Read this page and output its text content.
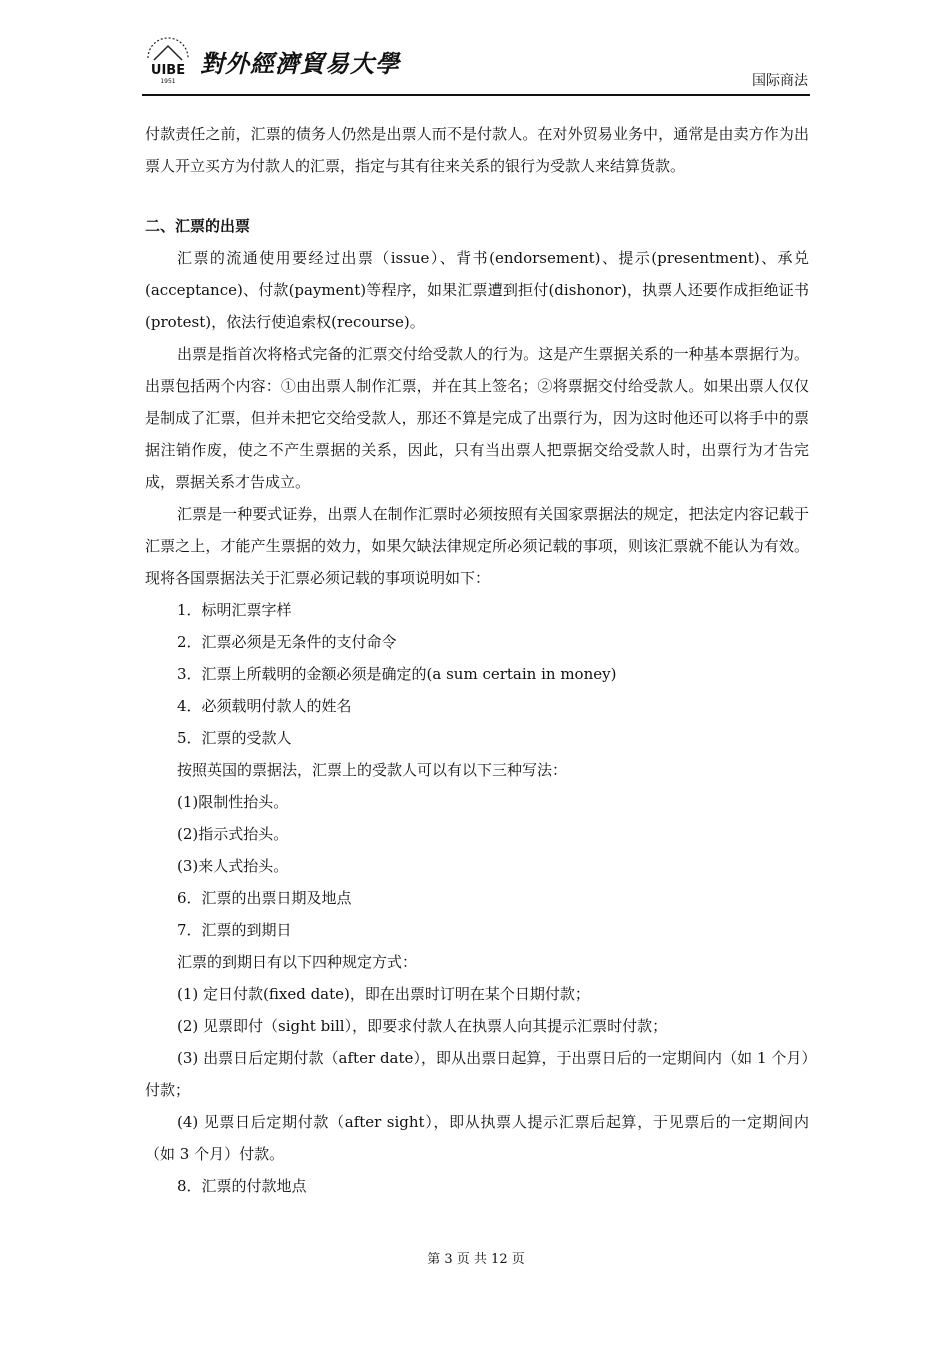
UIBE
1951
對外經濟貿易大學
国际商法

付款责任之前，汇票的债务人仍然是出票人而不是付款人。在对外贸易业务中，通常是由卖方作为出票人开立买方为付款人的汇票，指定与其有往来关系的银行为受款人来结算货款。

二、汇票的出票

汇票的流通使用要经过出票（issue）、背书(endorsement)、提示(presentment)、承兑(acceptance)、付款(payment)等程序，如果汇票遭到拒付(dishonor)，执票人还要作成拒绝证书(protest)，依法行使追索权(recourse)。

出票是指首次将格式完备的汇票交付给受款人的行为。这是产生票据关系的一种基本票据行为。出票包括两个内容：①由出票人制作汇票，并在其上签名；②将票据交付给受款人。如果出票人仅仅是制成了汇票，但并未把它交给受款人，那还不算是完成了出票行为，因为这时他还可以将手中的票据注销作废，使之不产生票据的关系，因此，只有当出票人把票据交给受款人时，出票行为才告完成，票据关系才告成立。

汇票是一种要式证券，出票人在制作汇票时必须按照有关国家票据法的规定，把法定内容记载于汇票之上，才能产生票据的效力，如果欠缺法律规定所必须记载的事项，则该汇票就不能认为有效。现将各国票据法关于汇票必须记载的事项说明如下：

1．标明汇票字样
2．汇票必须是无条件的支付命令
3．汇票上所载明的金额必须是确定的(a sum certain in money)
4．必须载明付款人的姓名
5．汇票的受款人
按照英国的票据法，汇票上的受款人可以有以下三种写法：
(1)限制性抬头。
(2)指示式抬头。
(3)来人式抬头。
6．汇票的出票日期及地点
7．汇票的到期日
汇票的到期日有以下四种规定方式：
(1) 定日付款(fixed date)，即在出票时订明在某个日期付款；
(2) 见票即付（sight bill），即要求付款人在执票人向其提示汇票时付款；

(3) 出票日后定期付款（after date），即从出票日起算，于出票日后的一定期间内（如 1 个月）付款；

(4) 见票日后定期付款（after sight），即从执票人提示汇票后起算，于见票后的一定期间内（如 3 个月）付款。

8．汇票的付款地点
第 3 页 共 12 页
